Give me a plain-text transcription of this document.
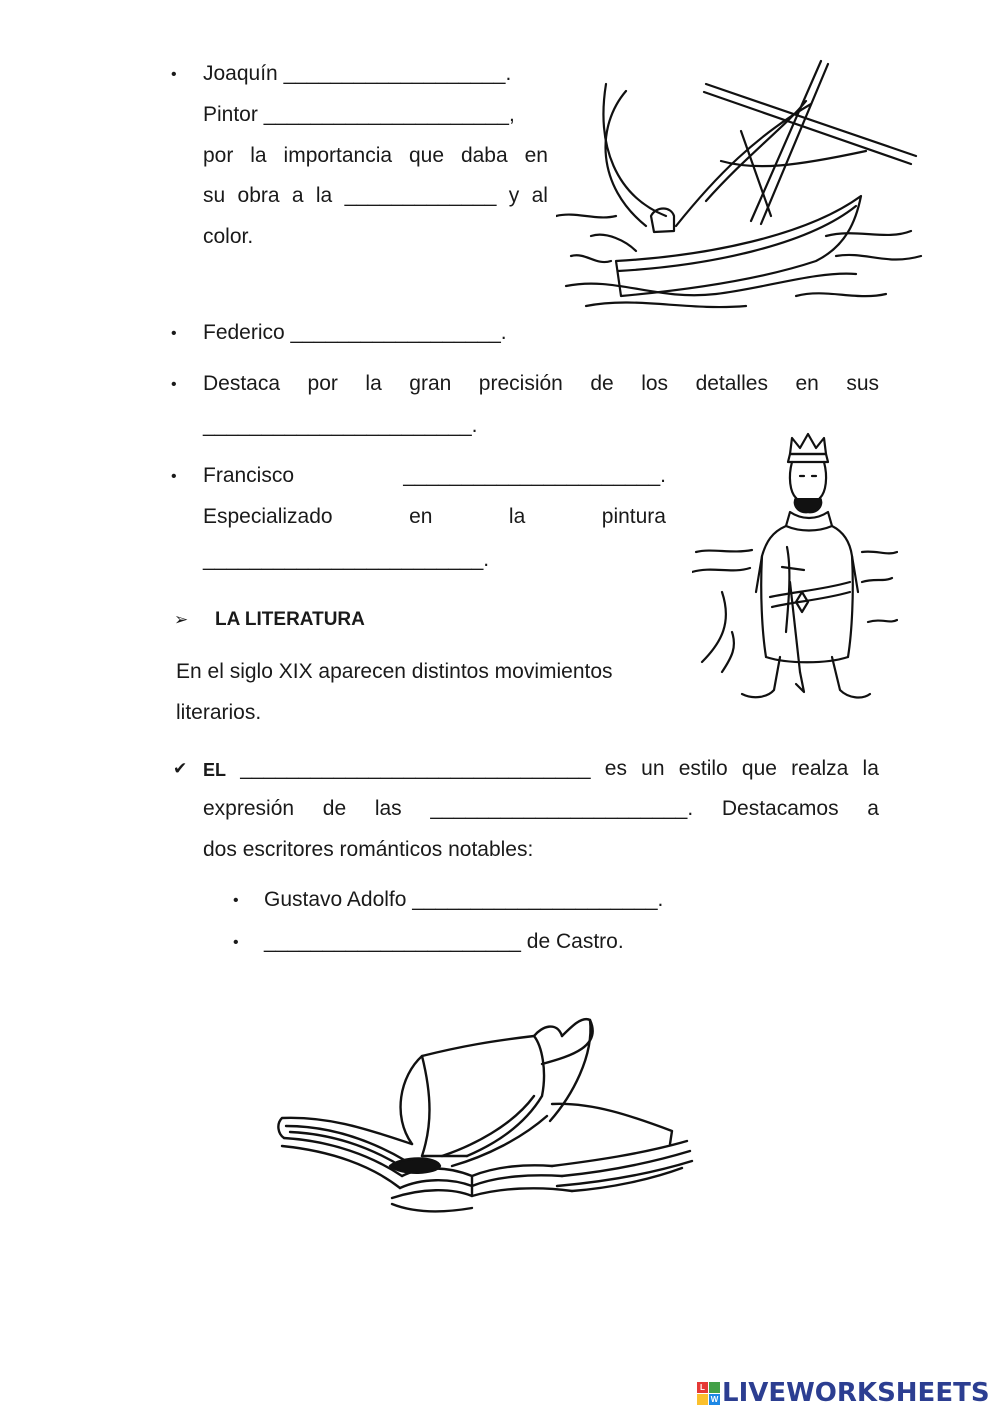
• Joaquín ___________________.
Pintor _____________________,
por la importancia que daba en
su obra a la _____________ y al
color.
• Federico __________________.
• Destaca por la gran precisión de los detalles en sus
_______________________.
• Francisco	______________________.
Especializado	en	la	pintura
________________________.
➢ LA LITERATURA
En el siglo XIX aparecen distintos movimientos
literarios.
✔ EL ______________________________ es un estilo que realza la
expresión de las ______________________. Destacamos a
dos escritores románticos notables:
• Gustavo Adolfo _____________________.
• ______________________ de Castro.
L
W LIVEWORKSHEETS
